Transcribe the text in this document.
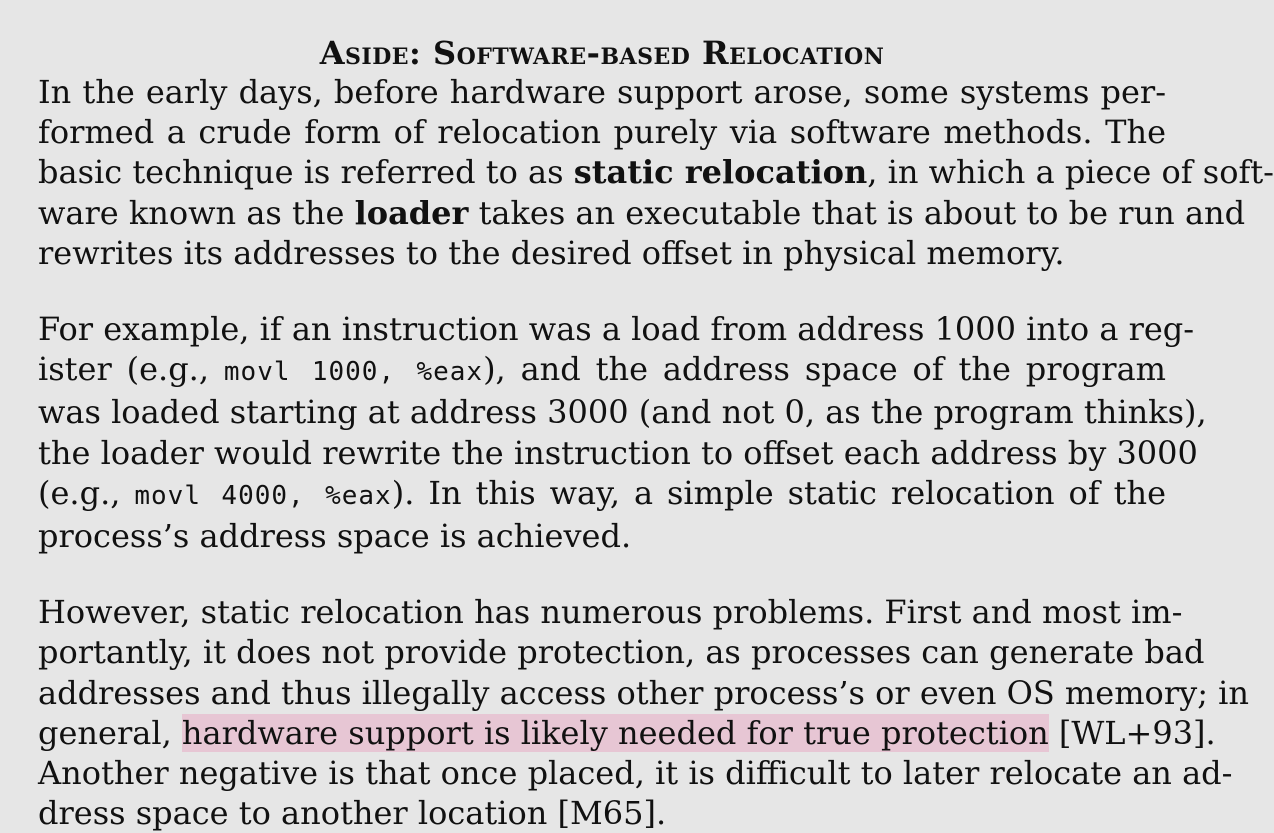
Aside: Software-based Relocation

In the early days, before hardware support arose, some systems per-
formed a crude form of relocation purely via software methods. The
basic technique is referred to as static relocation, in which a piece of soft-
ware known as the loader takes an executable that is about to be run and
rewrites its addresses to the desired offset in physical memory.

For example, if an instruction was a load from address 1000 into a reg-
ister (e.g., movl 1000, %eax), and the address space of the program
was loaded starting at address 3000 (and not 0, as the program thinks),
the loader would rewrite the instruction to offset each address by 3000
(e.g., movl 4000, %eax). In this way, a simple static relocation of the
process’s address space is achieved.

However, static relocation has numerous problems. First and most im-
portantly, it does not provide protection, as processes can generate bad
addresses and thus illegally access other process’s or even OS memory; in
general, hardware support is likely needed for true protection [WL+93].
Another negative is that once placed, it is difficult to later relocate an ad-
dress space to another location [M65].
